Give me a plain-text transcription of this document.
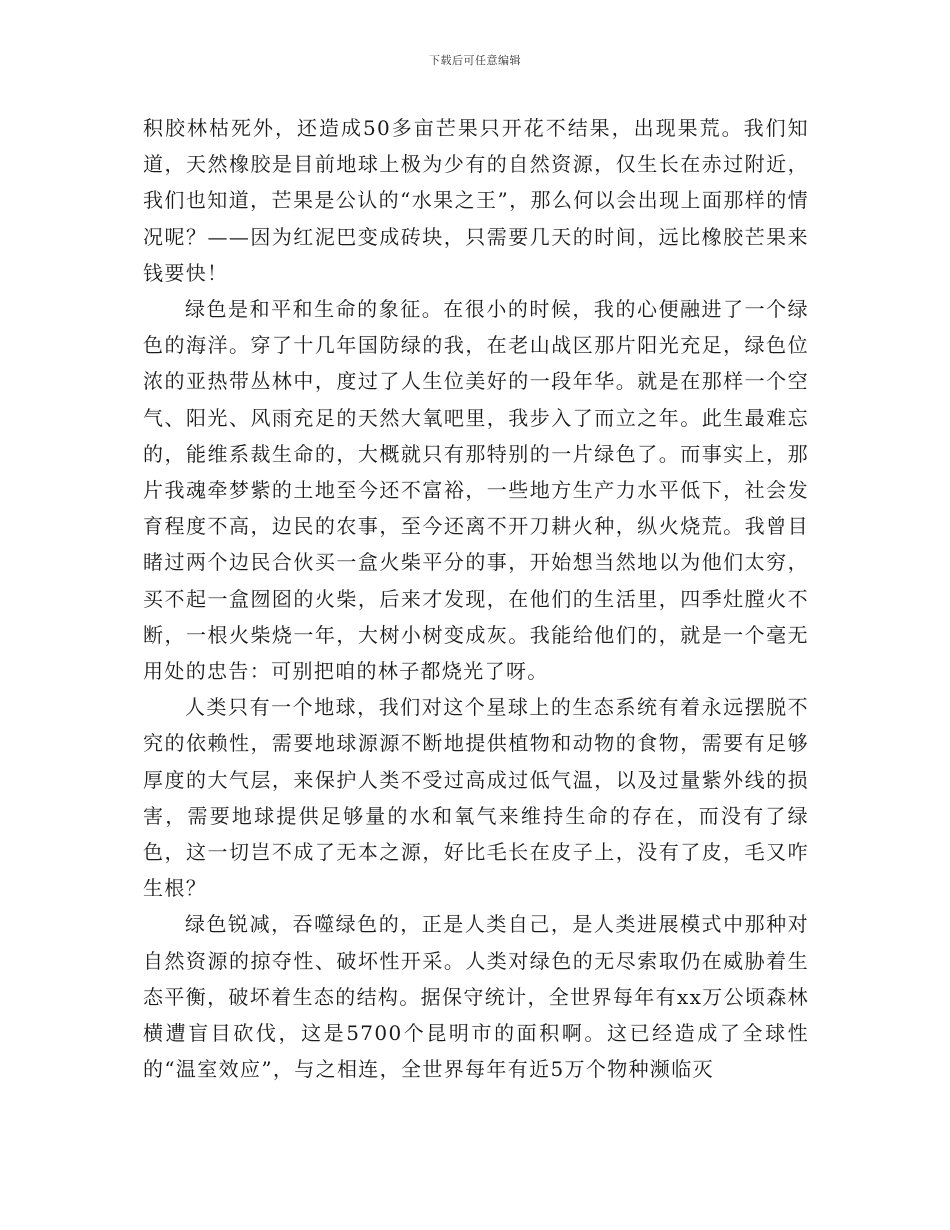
下载后可任意编辑

积胶林枯死外，还造成50多亩芒果只开花不结果，出现果荒。我们知道，天然橡胶是目前地球上极为少有的自然资源，仅生长在赤过附近，我们也知道，芒果是公认的“水果之王”，那么何以会出现上面那样的情况呢？——因为红泥巴变成砖块，只需要几天的时间，远比橡胶芒果来钱要快！

绿色是和平和生命的象征。在很小的时候，我的心便融进了一个绿色的海洋。穿了十几年国防绿的我，在老山战区那片阳光充足，绿色位浓的亚热带丛林中，度过了人生位美好的一段年华。就是在那样一个空气、阳光、风雨充足的天然大氧吧里，我步入了而立之年。此生最难忘的，能维系裁生命的，大概就只有那特别的一片绿色了。而事实上，那片我魂牵梦紫的土地至今还不富裕，一些地方生产力水平低下，社会发育程度不高，边民的农事，至今还离不开刀耕火种，纵火烧荒。我曾目睹过两个边民合伙买一盒火柴平分的事，开始想当然地以为他们太穷，买不起一盒囫囵的火柴，后来才发现，在他们的生活里，四季灶膛火不断，一根火柴烧一年，大树小树变成灰。我能给他们的，就是一个毫无用处的忠告：可别把咱的林子都烧光了呀。

人类只有一个地球，我们对这个星球上的生态系统有着永远摆脱不究的依赖性，需要地球源源不断地提供植物和动物的食物，需要有足够厚度的大气层，来保护人类不受过高成过低气温，以及过量紫外线的损害，需要地球提供足够量的水和氧气来维持生命的存在，而没有了绿色，这一切岂不成了无本之源，好比毛长在皮子上，没有了皮，毛又咋生根？

绿色锐减，吞噬绿色的，正是人类自己，是人类进展模式中那种对自然资源的掠夺性、破坏性开采。人类对绿色的无尽索取仍在威胁着生态平衡，破坏着生态的结构。据保守统计，全世界每年有xx万公顷森林横遭盲目砍伐，这是5700个昆明市的面积啊。这已经造成了全球性的“温室效应”，与之相连，全世界每年有近5万个物种濒临灭
